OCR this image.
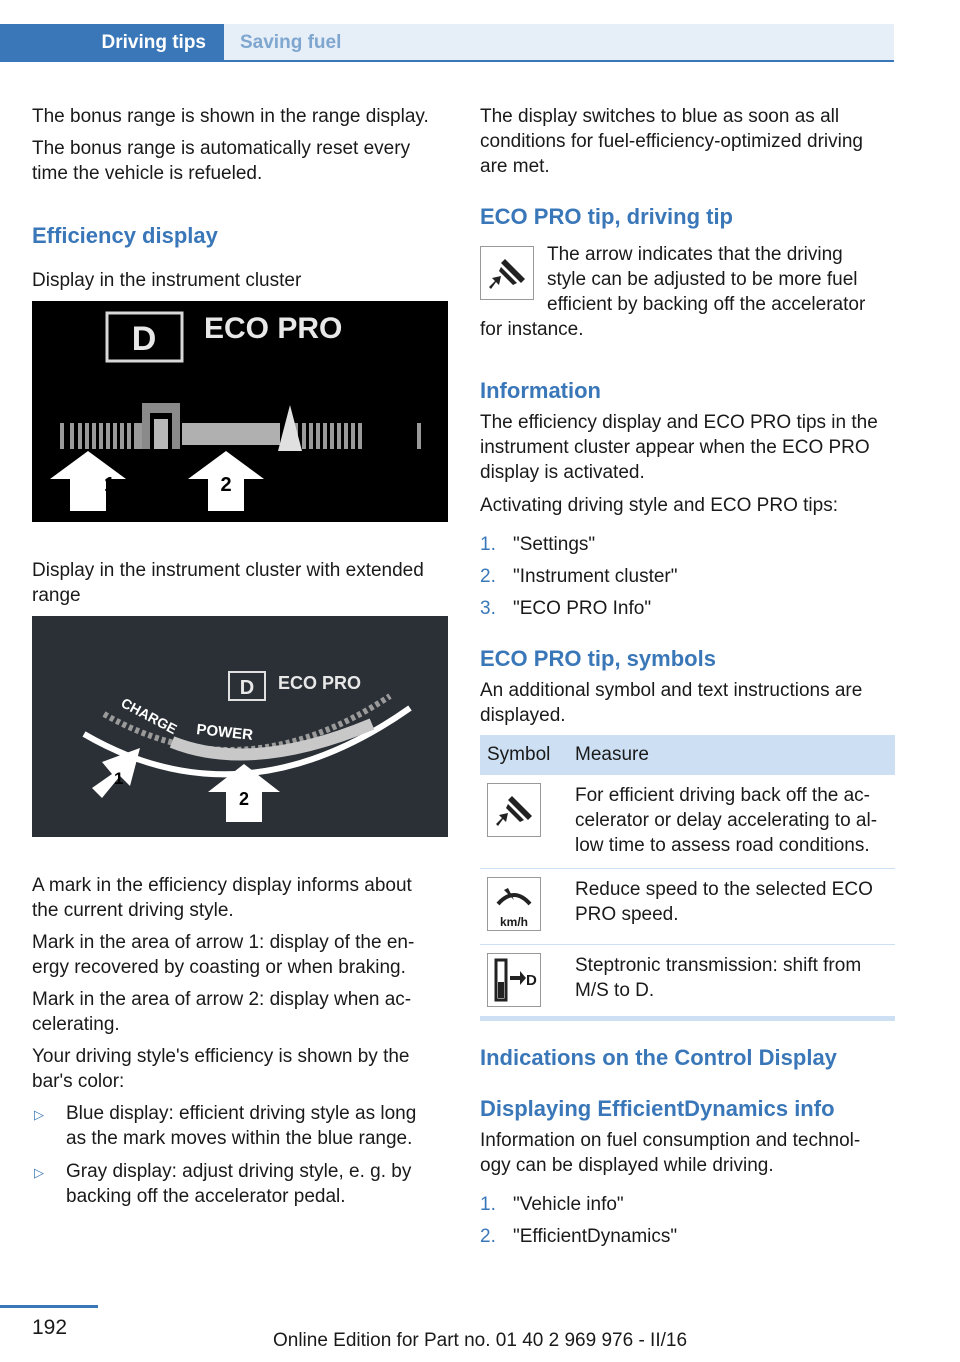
Driving tips	Saving fuel

The bonus range is shown in the range display.

The bonus range is automatically reset every

time the vehicle is refueled.

Efficiency display

Display in the instrument cluster

D ECO PRO
1	2

Display in the instrument cluster with extended

range

D ECO PRO
CHARGE POWER
1
2

A mark in the efficiency display informs about

the current driving style.

Mark in the area of arrow 1: display of the en‐

ergy recovered by coasting or when braking.

Mark in the area of arrow 2: display when ac‐

celerating.

Your driving style's efficiency is shown by the

bar's color:

▷ Blue display: efficient driving style as long

as the mark moves within the blue range.

▷ Gray display: adjust driving style, e. g. by

backing off the accelerator pedal.

The display switches to blue as soon as all

conditions for fuel-efficiency-optimized driving

are met.

ECO PRO tip, driving tip

The arrow indicates that the driving

style can be adjusted to be more fuel

efficient by backing off the accelerator

for instance.

Information

The efficiency display and ECO PRO tips in the

instrument cluster appear when the ECO PRO

display is activated.

Activating driving style and ECO PRO tips:

1. "Settings"
2. "Instrument cluster"
3. "ECO PRO Info"
ECO PRO tip, symbols

An additional symbol and text instructions are

displayed.

Symbol	Measure

For efficient driving back off the ac‐
celerator or delay accelerating to al‐
low time to assess road conditions.

km/h	Reduce speed to the selected ECO
PRO speed.

D	Steptronic transmission: shift from
M/S to D.
Indications on the Control Display
Displaying EfficientDynamics info

Information on fuel consumption and technol‐

ogy can be displayed while driving.

1. "Vehicle info"
2. "EfficientDynamics"
192
Online Edition for Part no. 01 40 2 969 976 - II/16
